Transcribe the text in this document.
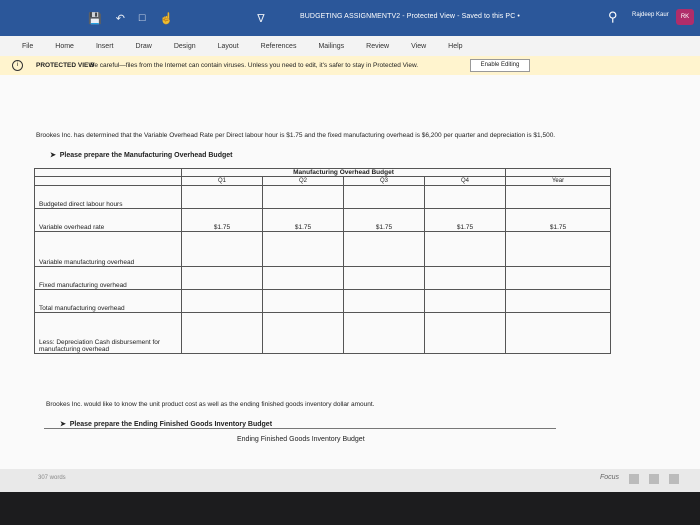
💾 ↶ □ ☝	∇	BUDGETING ASSIGNMENTV2 - Protected View - Saved to this PC •	⚲ Rajdeep Kaur	RK
File	Home	Insert	Draw	Design	Layout	References	Mailings	Review	View	Help
i	PROTECTED VIEW
Be careful—files from the Internet can contain viruses. Unless you need to edit, it's safer to stay in Protected View.	Enable Editing
Brookes Inc. has determined that the Variable Overhead Rate per Direct labour hour is $1.75 and the fixed manufacturing overhead is $6,200 per quarter and depreciation is $1,500.
➤  Please prepare the Manufacturing Overhead Budget
	Manufacturing Overhead Budget				
	Q1	Q2	Q3	Q4	Year
Budgeted direct labour hours					
Variable overhead rate	$1.75	$1.75	$1.75	$1.75	$1.75
Variable manufacturing overhead					
Fixed manufacturing overhead					
Total manufacturing overhead					
Less: Depreciation Cash disbursement for manufacturing overhead					
Brookes Inc. would like to know the unit product cost as well as the ending finished goods inventory dollar amount.
➤  Please prepare the Ending Finished Goods Inventory Budget
Ending Finished Goods Inventory Budget
307 words	Focus
